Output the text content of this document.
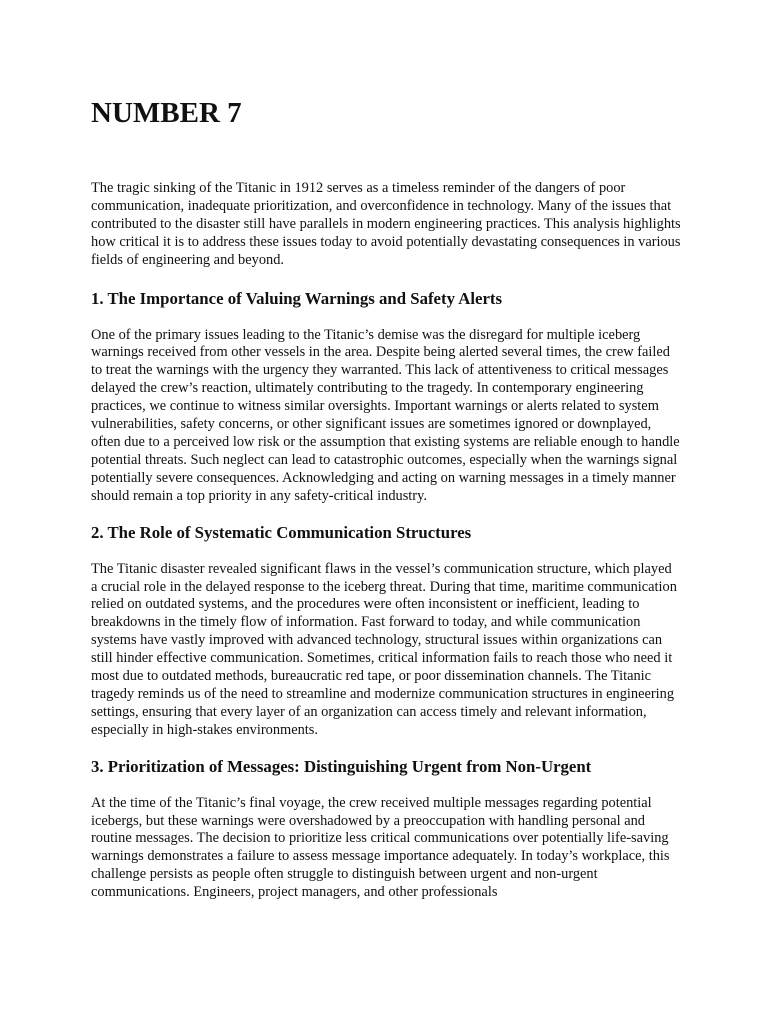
NUMBER 7

The tragic sinking of the Titanic in 1912 serves as a timeless reminder of the dangers of poor communication, inadequate prioritization, and overconfidence in technology. Many of the issues that contributed to the disaster still have parallels in modern engineering practices. This analysis highlights how critical it is to address these issues today to avoid potentially devastating consequences in various fields of engineering and beyond.

1. The Importance of Valuing Warnings and Safety Alerts

One of the primary issues leading to the Titanic’s demise was the disregard for multiple iceberg warnings received from other vessels in the area. Despite being alerted several times, the crew failed to treat the warnings with the urgency they warranted. This lack of attentiveness to critical messages delayed the crew’s reaction, ultimately contributing to the tragedy. In contemporary engineering practices, we continue to witness similar oversights. Important warnings or alerts related to system vulnerabilities, safety concerns, or other significant issues are sometimes ignored or downplayed, often due to a perceived low risk or the assumption that existing systems are reliable enough to handle potential threats. Such neglect can lead to catastrophic outcomes, especially when the warnings signal potentially severe consequences. Acknowledging and acting on warning messages in a timely manner should remain a top priority in any safety-critical industry.

2. The Role of Systematic Communication Structures

The Titanic disaster revealed significant flaws in the vessel’s communication structure, which played a crucial role in the delayed response to the iceberg threat. During that time, maritime communication relied on outdated systems, and the procedures were often inconsistent or inefficient, leading to breakdowns in the timely flow of information. Fast forward to today, and while communication systems have vastly improved with advanced technology, structural issues within organizations can still hinder effective communication. Sometimes, critical information fails to reach those who need it most due to outdated methods, bureaucratic red tape, or poor dissemination channels. The Titanic tragedy reminds us of the need to streamline and modernize communication structures in engineering settings, ensuring that every layer of an organization can access timely and relevant information, especially in high-stakes environments.

3. Prioritization of Messages: Distinguishing Urgent from Non-Urgent

At the time of the Titanic’s final voyage, the crew received multiple messages regarding potential icebergs, but these warnings were overshadowed by a preoccupation with handling personal and routine messages. The decision to prioritize less critical communications over potentially life-saving warnings demonstrates a failure to assess message importance adequately. In today’s workplace, this challenge persists as people often struggle to distinguish between urgent and non-urgent communications. Engineers, project managers, and other professionals
